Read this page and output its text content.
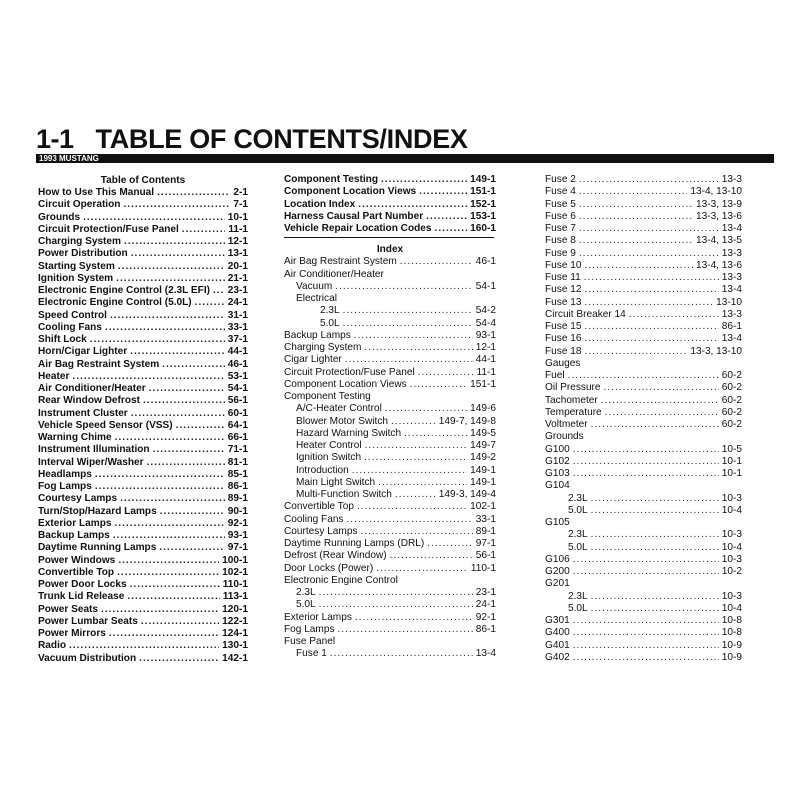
1-1 TABLE OF CONTENTS/INDEX
1993 MUSTANG
Table of Contents
How to Use This Manual . . .	2-1
Circuit Operation . . .	7-1
Grounds . . .	10-1
Circuit Protection/Fuse Panel . . .	11-1
Charging System . . .	12-1
Power Distribution . . .	13-1
Starting System . . .	20-1
Ignition System . . .	21-1
Electronic Engine Control (2.3L EFI) . . . 23-1
Electronic Engine Control (5.0L) . . .	24-1
Speed Control . . .	31-1
Cooling Fans . . .	33-1
Shift Lock . . .	37-1
Horn/Cigar Lighter . . .	44-1
Air Bag Restraint System . . .	46-1
Heater . . .	53-1
Air Conditioner/Heater . . .	54-1
Rear Window Defrost . . .	56-1
Instrument Cluster . . .	60-1
Vehicle Speed Sensor (VSS) . . .	64-1
Warning Chime . . .	66-1
Instrument Illumination . . .	71-1
Interval Wiper/Washer . . .	81-1
Headlamps . . .	85-1
Fog Lamps . . .	86-1
Courtesy Lamps . . .	89-1
Turn/Stop/Hazard Lamps . . .	90-1
Exterior Lamps . . .	92-1
Backup Lamps . . .	93-1
Daytime Running Lamps . . .	97-1
Power Windows . . .	100-1
Convertible Top . . .	102-1
Power Door Locks . . .	110-1
Trunk Lid Release . . .	113-1
Power Seats . . .	120-1
Power Lumbar Seats . . .	122-1
Power Mirrors . . .	124-1
Radio . . .	130-1
Vacuum Distribution . . .	142-1
Component Testing . . .	149-1
Component Location Views . . .	151-1
Location Index . . .	152-1
Harness Causal Part Number . . .	153-1
Vehicle Repair Location Codes . . .	160-1
Index
Air Bag Restraint System . . .	46-1
Air Conditioner/Heater
Vacuum . . .	54-1
Electrical
2.3L . . .	54-2
5.0L . . .	54-4
Backup Lamps . . .	93-1
Charging System . . .	12-1
Cigar Lighter . . .	44-1
Circuit Protection/Fuse Panel . . .	11-1
Component Location Views . . .	151-1
Component Testing
A/C-Heater Control . . .	149-6
Blower Motor Switch . . .	149-7, 149-8
Hazard Warning Switch . . .	149-5
Heater Control . . .	149-7
Ignition Switch . . .	149-2
Introduction . . .	149-1
Main Light Switch . . .	149-1
Multi-Function Switch . . .	149-3, 149-4
Convertible Top . . .	102-1
Cooling Fans . . .	33-1
Courtesy Lamps . . .	89-1
Daytime Running Lamps (DRL) . . .	97-1
Defrost (Rear Window) . . .	56-1
Door Locks (Power) . . .	110-1
Electronic Engine Control
2.3L . . .	23-1
5.0L . . .	24-1
Exterior Lamps . . .	92-1
Fog Lamps . . .	86-1
Fuse Panel
Fuse 1 . . .	13-4
Fuse 2 . . .	13-3
Fuse 4 . . .	13-4, 13-10
Fuse 5 . . .	13-3, 13-9
Fuse 6 . . .	13-3, 13-6
Fuse 7 . . .	13-4
Fuse 8 . . .	13-4, 13-5
Fuse 9 . . .	13-3
Fuse 10 . . .	13-4, 13-6
Fuse 11 . . .	13-3
Fuse 12 . . .	13-4
Fuse 13 . . .	13-10
Circuit Breaker 14 . . .	13-3
Fuse 15 . . .	86-1
Fuse 16 . . .	13-4
Fuse 18 . . .	13-3, 13-10
Gauges
Fuel . . .	60-2
Oil Pressure . . .	60-2
Tachometer . . .	60-2
Temperature . . .	60-2
Voltmeter . . .	60-2
Grounds
G100 . . .	10-5
G102 . . .	10-1
G103 . . .	10-1
G104
2.3L . . .	10-3
5.0L . . .	10-4
G105
2.3L . . .	10-3
5.0L . . .	10-4
G106 . . .	10-3
G200 . . .	10-2
G201
2.3L . . .	10-3
5.0L . . .	10-4
G301 . . .	10-8
G400 . . .	10-8
G401 . . .	10-9
G402 . . .	10-9
